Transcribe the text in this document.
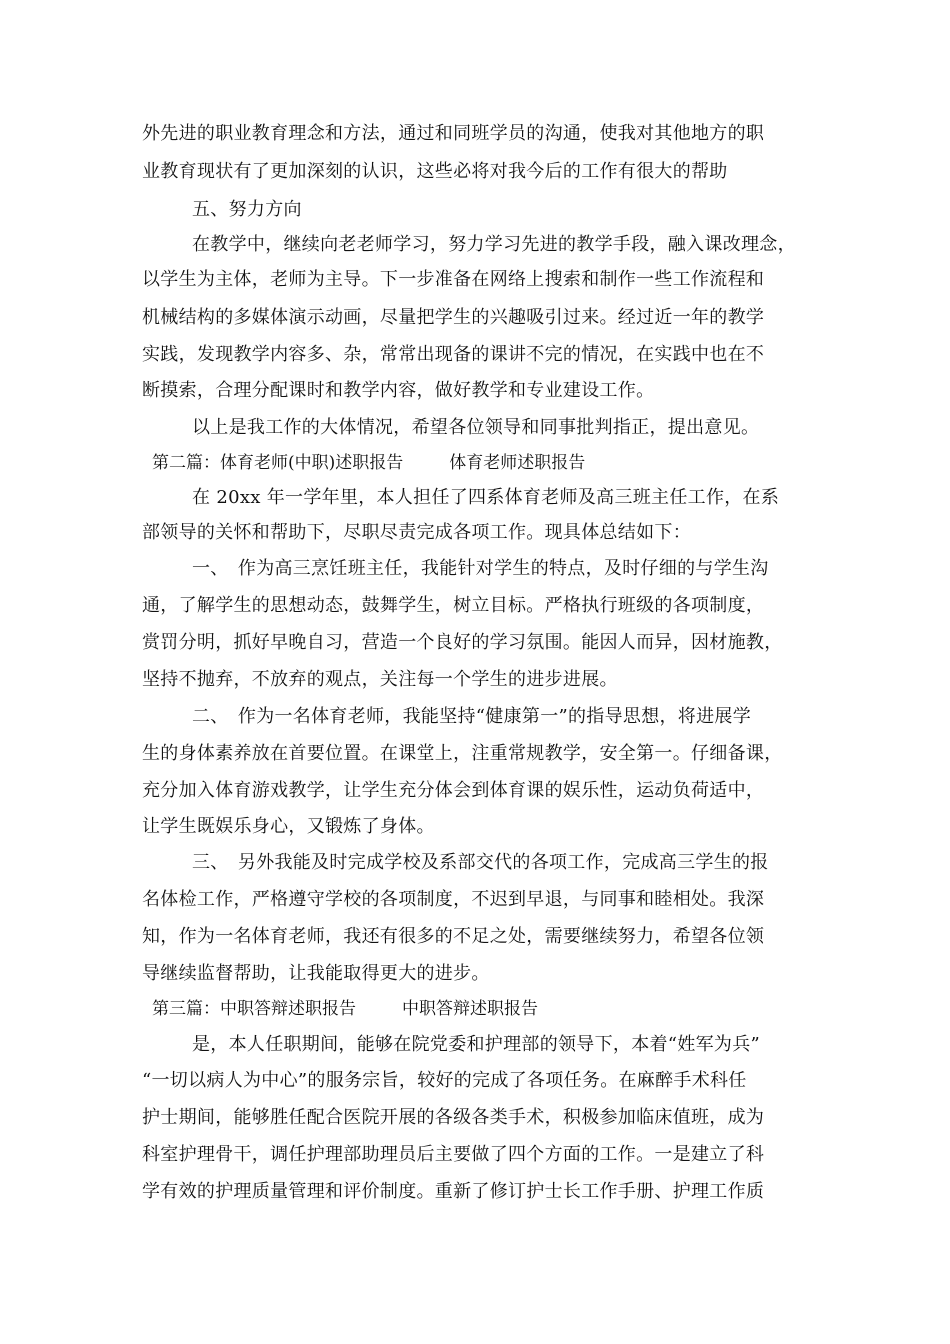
外先进的职业教育理念和方法，通过和同班学员的沟通，使我对其他地方的职
业教育现状有了更加深刻的认识，这些必将对我今后的工作有很大的帮助
五、努力方向
在教学中，继续向老老师学习，努力学习先进的教学手段，融入课改理念，
以学生为主体，老师为主导。下一步准备在网络上搜索和制作一些工作流程和
机械结构的多媒体演示动画，尽量把学生的兴趣吸引过来。经过近一年的教学
实践，发现教学内容多、杂，常常出现备的课讲不完的情况，在实践中也在不
断摸索，合理分配课时和教学内容，做好教学和专业建设工作。
以上是我工作的大体情况，希望各位领导和同事批判指正，提出意见。
第二篇：体育老师(中职)述职报告	体育老师述职报告
在 20xx 年一学年里，本人担任了四系体育老师及高三班主任工作，在系
部领导的关怀和帮助下，尽职尽责完成各项工作。现具体总结如下：
一、　作为高三烹饪班主任，我能针对学生的特点，及时仔细的与学生沟
通，了解学生的思想动态，鼓舞学生，树立目标。严格执行班级的各项制度，
赏罚分明，抓好早晚自习，营造一个良好的学习氛围。能因人而异，因材施教，
坚持不抛弃，不放弃的观点，关注每一个学生的进步进展。
二、　作为一名体育老师，我能坚持“健康第一”的指导思想，将进展学
生的身体素养放在首要位置。在课堂上，注重常规教学，安全第一。仔细备课，
充分加入体育游戏教学，让学生充分体会到体育课的娱乐性，运动负荷适中，
让学生既娱乐身心，又锻炼了身体。
三、　另外我能及时完成学校及系部交代的各项工作，完成高三学生的报
名体检工作，严格遵守学校的各项制度，不迟到早退，与同事和睦相处。我深
知，作为一名体育老师，我还有很多的不足之处，需要继续努力，希望各位领
导继续监督帮助，让我能取得更大的进步。
第三篇：中职答辩述职报告	中职答辩述职报告
是，本人任职期间，能够在院党委和护理部的领导下，本着“姓军为兵”
“一切以病人为中心”的服务宗旨，较好的完成了各项任务。在麻醉手术科任
护士期间，能够胜任配合医院开展的各级各类手术，积极参加临床值班，成为
科室护理骨干，调任护理部助理员后主要做了四个方面的工作。一是建立了科
学有效的护理质量管理和评价制度。重新了修订护士长工作手册、护理工作质
